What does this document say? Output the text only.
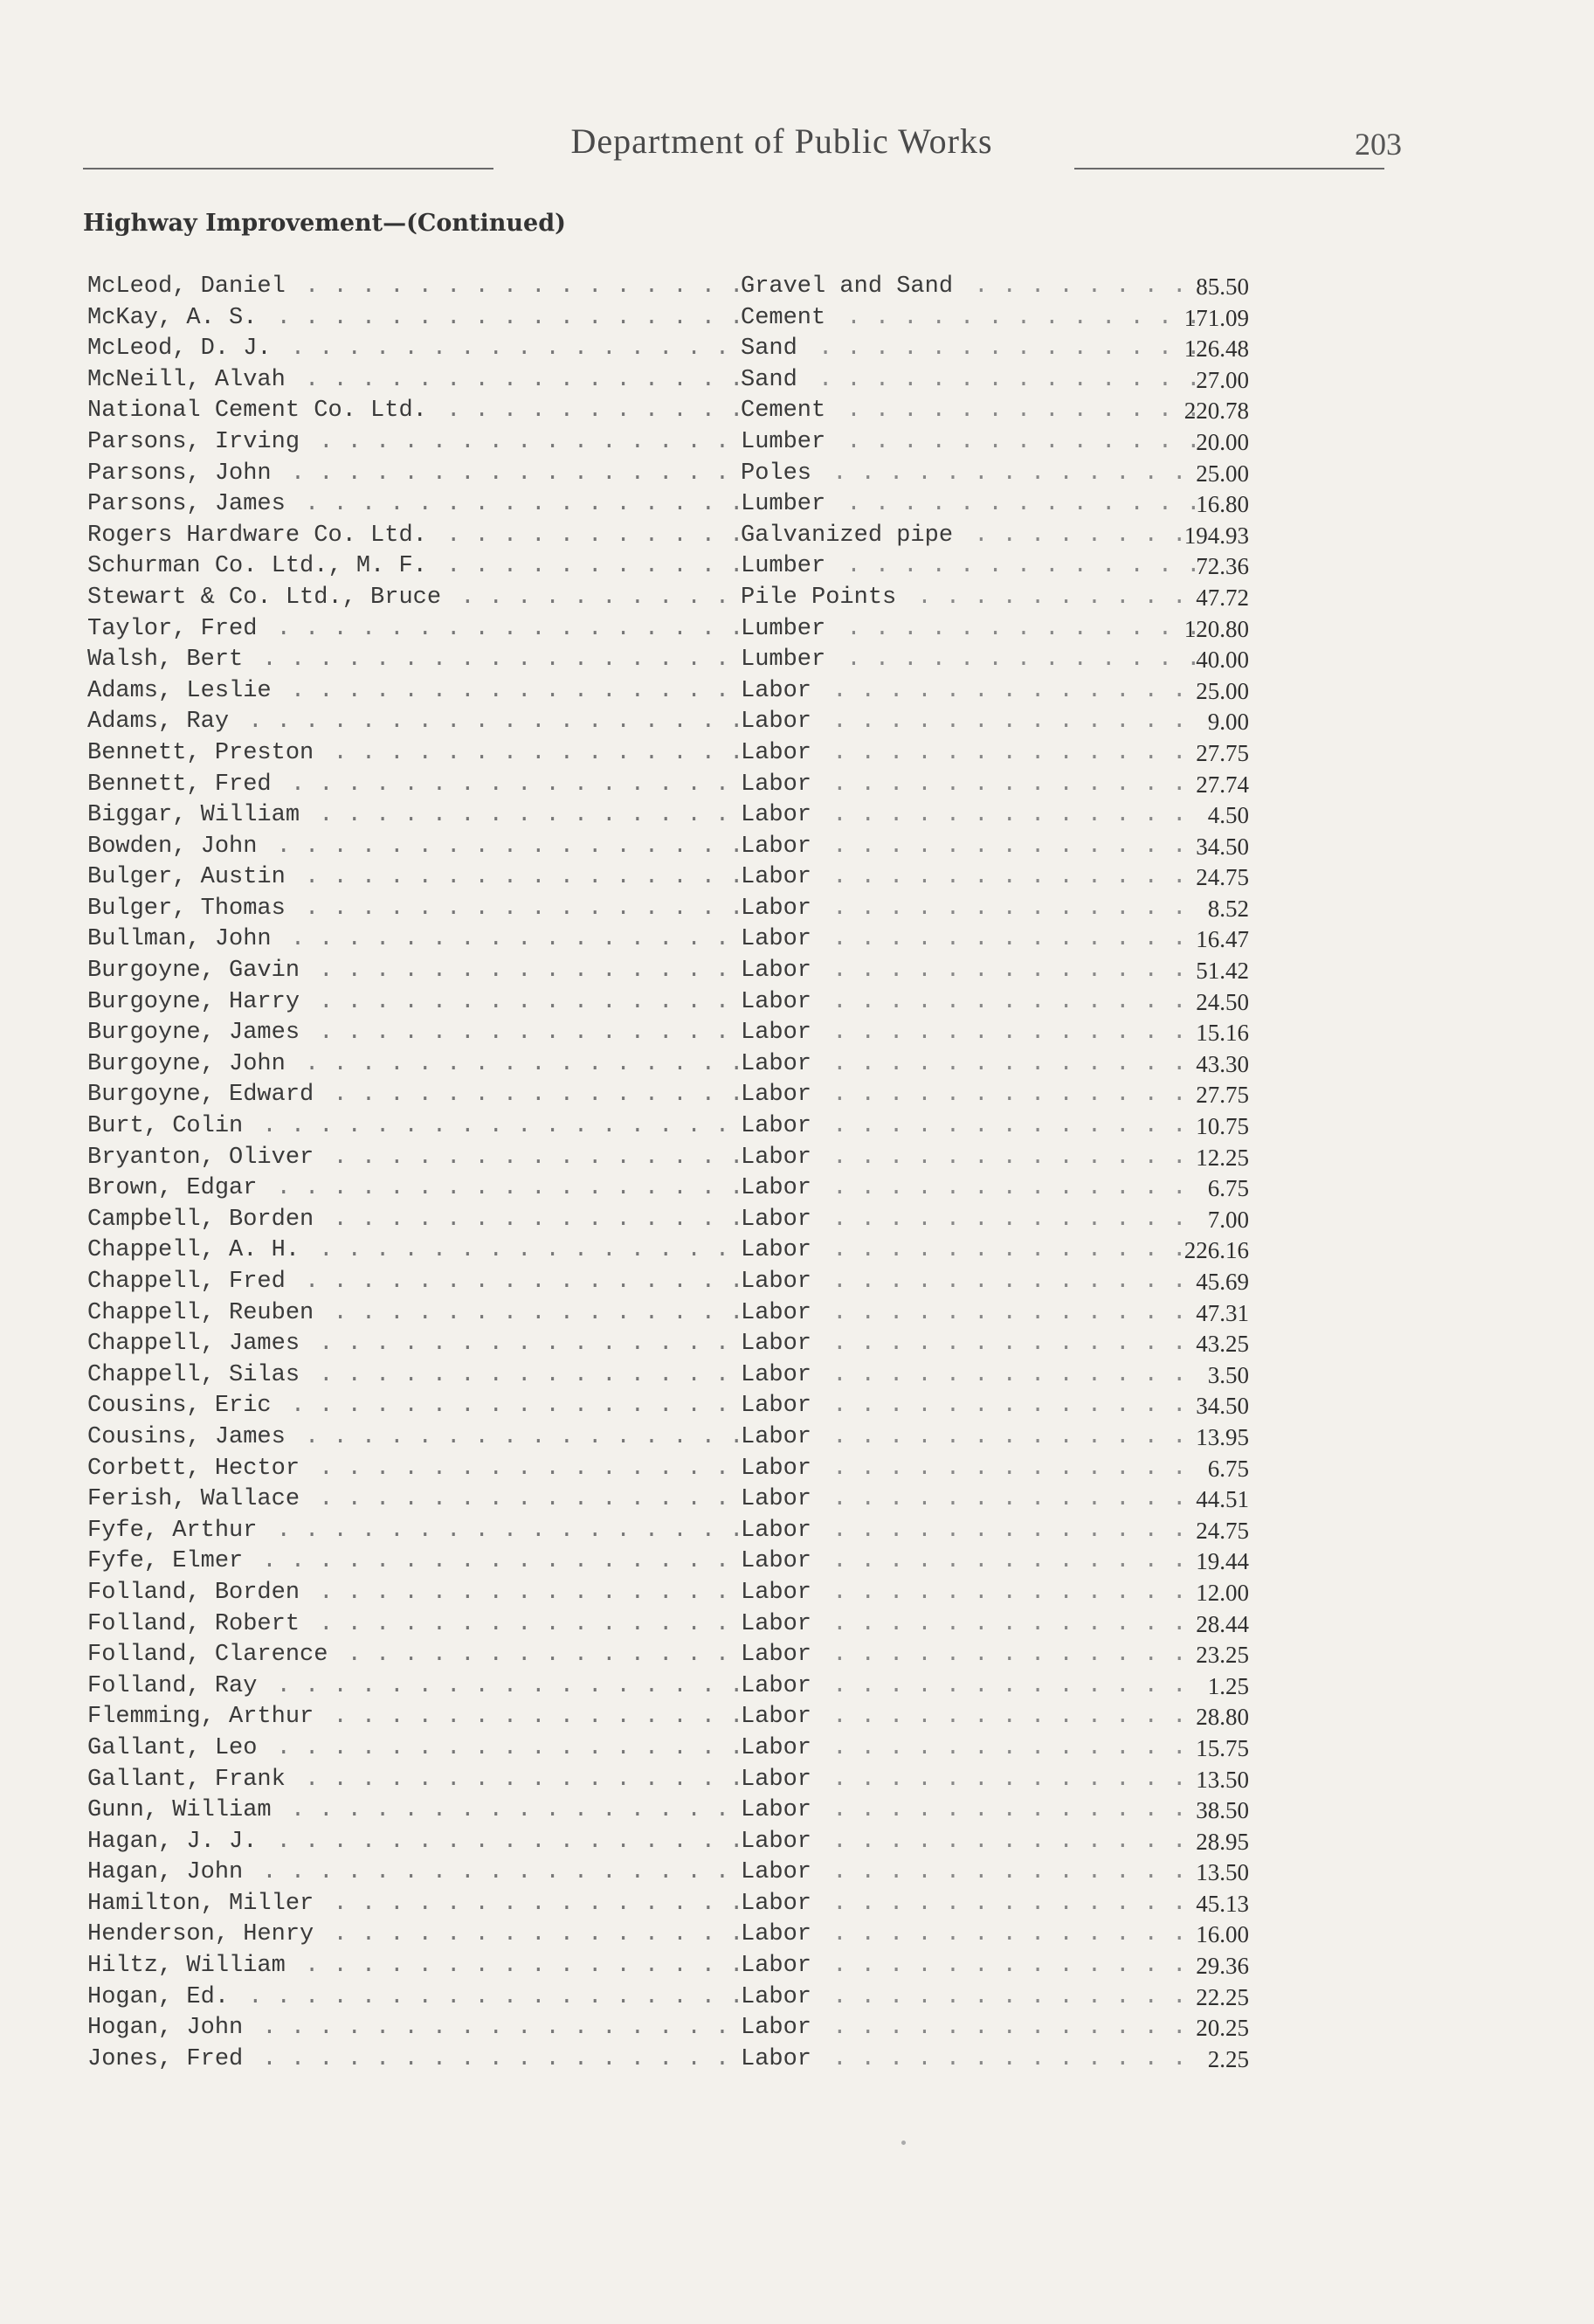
Department of Public Works	203
Highway Improvement—(Continued)
McLeod, Daniel . . .	Gravel and Sand . . .	85.50
McKay, A. S. . . .	Cement . . .	171.09
McLeod, D. J. . . .	Sand . . .	126.48
McNeill, Alvah . . .	Sand . . .	27.00
National Cement Co. Ltd. . . .	Cement . . .	220.78
Parsons, Irving . . .	Lumber . . .	20.00
Parsons, John . . .	Poles . . .	25.00
Parsons, James . . .	Lumber . . .	16.80
Rogers Hardware Co. Ltd. . . .	Galvanized pipe . . .	194.93
Schurman Co. Ltd., M. F. . . .	Lumber . . .	72.36
Stewart & Co. Ltd., Bruce . . .	Pile Points . . .	47.72
Taylor, Fred . . .	Lumber . . .	120.80
Walsh, Bert . . .	Lumber . . .	40.00
Adams, Leslie . . .	Labor . . .	25.00
Adams, Ray . . .	Labor . . .	9.00
Bennett, Preston . . .	Labor . . .	27.75
Bennett, Fred . . .	Labor . . .	27.74
Biggar, William . . .	Labor . . .	4.50
Bowden, John . . .	Labor . . .	34.50
Bulger, Austin . . .	Labor . . .	24.75
Bulger, Thomas . . .	Labor . . .	8.52
Bullman, John . . .	Labor . . .	16.47
Burgoyne, Gavin . . .	Labor . . .	51.42
Burgoyne, Harry . . .	Labor . . .	24.50
Burgoyne, James . . .	Labor . . .	15.16
Burgoyne, John . . .	Labor . . .	43.30
Burgoyne, Edward . . .	Labor . . .	27.75
Burt, Colin . . .	Labor . . .	10.75
Bryanton, Oliver . . .	Labor . . .	12.25
Brown, Edgar . . .	Labor . . .	6.75
Campbell, Borden . . .	Labor . . .	7.00
Chappell, A. H. . . .	Labor . . .	226.16
Chappell, Fred . . .	Labor . . .	45.69
Chappell, Reuben . . .	Labor . . .	47.31
Chappell, James . . .	Labor . . .	43.25
Chappell, Silas . . .	Labor . . .	3.50
Cousins, Eric . . .	Labor . . .	34.50
Cousins, James . . .	Labor . . .	13.95
Corbett, Hector . . .	Labor . . .	6.75
Ferish, Wallace . . .	Labor . . .	44.51
Fyfe, Arthur . . .	Labor . . .	24.75
Fyfe, Elmer . . .	Labor . . .	19.44
Folland, Borden . . .	Labor . . .	12.00
Folland, Robert . . .	Labor . . .	28.44
Folland, Clarence . . .	Labor . . .	23.25
Folland, Ray . . .	Labor . . .	1.25
Flemming, Arthur . . .	Labor . . .	28.80
Gallant, Leo . . .	Labor . . .	15.75
Gallant, Frank . . .	Labor . . .	13.50
Gunn, William . . .	Labor . . .	38.50
Hagan, J. J. . . .	Labor . . .	28.95
Hagan, John . . .	Labor . . .	13.50
Hamilton, Miller . . .	Labor . . .	45.13
Henderson, Henry . . .	Labor . . .	16.00
Hiltz, William . . .	Labor . . .	29.36
Hogan, Ed. . . .	Labor . . .	22.25
Hogan, John . . .	Labor . . .	20.25
Jones, Fred . . .	Labor . . .	2.25
